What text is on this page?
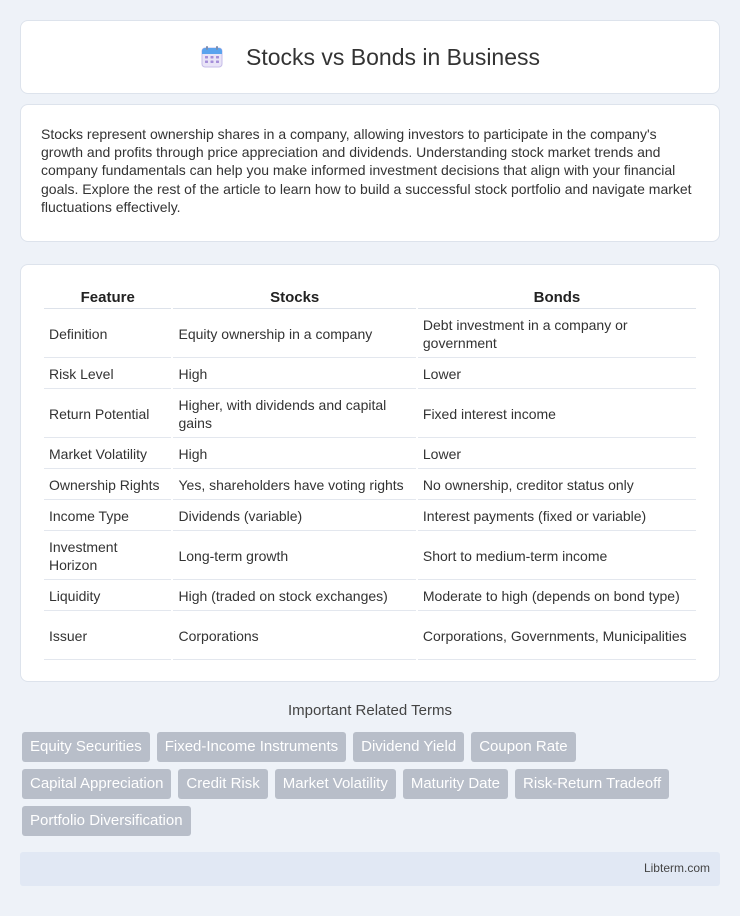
Stocks vs Bonds in Business

Stocks represent ownership shares in a company, allowing investors to participate in the company's growth and profits through price appreciation and dividends. Understanding stock market trends and company fundamentals can help you make informed investment decisions that align with your financial goals. Explore the rest of the article to learn how to build a successful stock portfolio and navigate market fluctuations effectively.

Feature	Stocks	Bonds
Definition	Equity ownership in a company	Debt investment in a company or government
Risk Level	High	Lower
Return Potential	Higher, with dividends and capital gains	Fixed interest income
Market Volatility	High	Lower
Ownership Rights	Yes, shareholders have voting rights	No ownership, creditor status only
Income Type	Dividends (variable)	Interest payments (fixed or variable)
Investment Horizon	Long-term growth	Short to medium-term income
Liquidity	High (traded on stock exchanges)	Moderate to high (depends on bond type)
Issuer	Corporations	Corporations, Governments, Municipalities
Important Related Terms
Equity Securities	Fixed-Income Instruments	Dividend Yield	Coupon Rate
Capital Appreciation	Credit Risk	Market Volatility	Maturity Date	Risk-Return Tradeoff
Portfolio Diversification
Libterm.com
